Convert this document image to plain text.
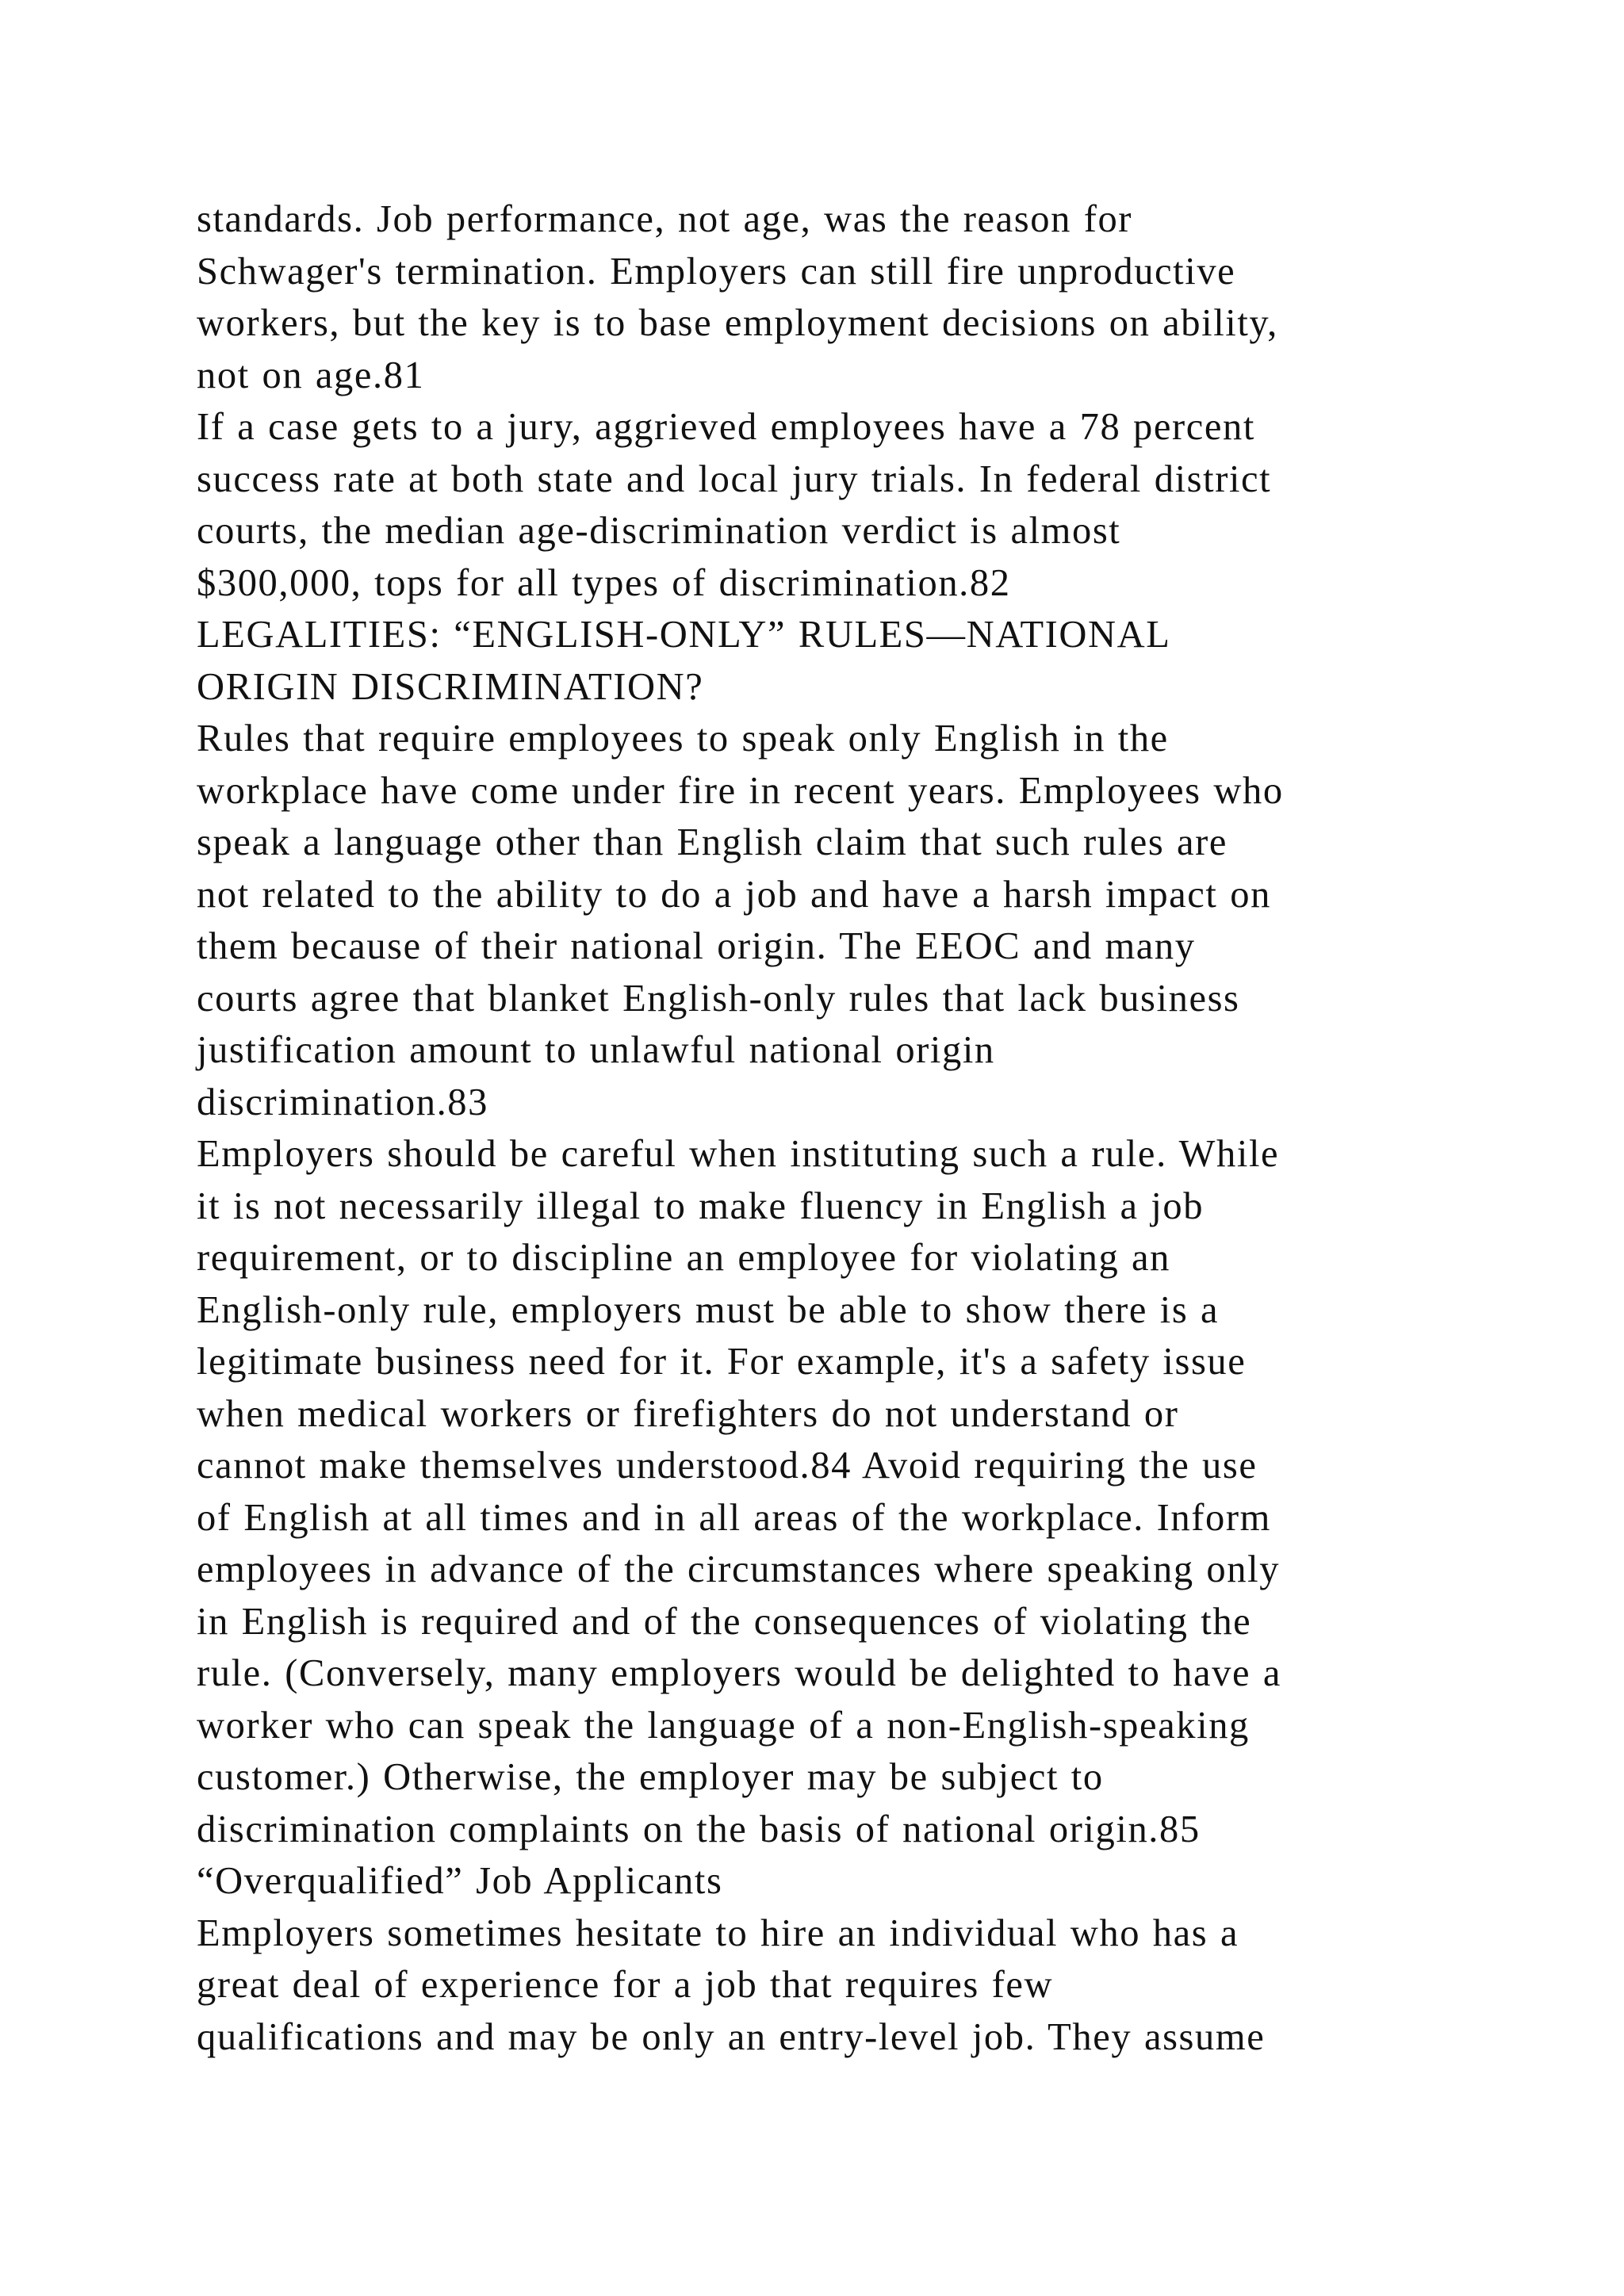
standards. Job performance, not age, was the reason for
Schwager's termination. Employers can still fire unproductive
workers, but the key is to base employment decisions on ability,
not on age.81
If a case gets to a jury, aggrieved employees have a 78 percent
success rate at both state and local jury trials. In federal district
courts, the median age-discrimination verdict is almost
$300,000, tops for all types of discrimination.82
LEGALITIES: “ENGLISH-ONLY” RULES—NATIONAL
ORIGIN DISCRIMINATION?
Rules that require employees to speak only English in the
workplace have come under fire in recent years. Employees who
speak a language other than English claim that such rules are
not related to the ability to do a job and have a harsh impact on
them because of their national origin. The EEOC and many
courts agree that blanket English-only rules that lack business
justification amount to unlawful national origin
discrimination.83
Employers should be careful when instituting such a rule. While
it is not necessarily illegal to make fluency in English a job
requirement, or to discipline an employee for violating an
English-only rule, employers must be able to show there is a
legitimate business need for it. For example, it's a safety issue
when medical workers or firefighters do not understand or
cannot make themselves understood.84 Avoid requiring the use
of English at all times and in all areas of the workplace. Inform
employees in advance of the circumstances where speaking only
in English is required and of the consequences of violating the
rule. (Conversely, many employers would be delighted to have a
worker who can speak the language of a non-English-speaking
customer.) Otherwise, the employer may be subject to
discrimination complaints on the basis of national origin.85
“Overqualified” Job Applicants
Employers sometimes hesitate to hire an individual who has a
great deal of experience for a job that requires few
qualifications and may be only an entry-level job. They assume
